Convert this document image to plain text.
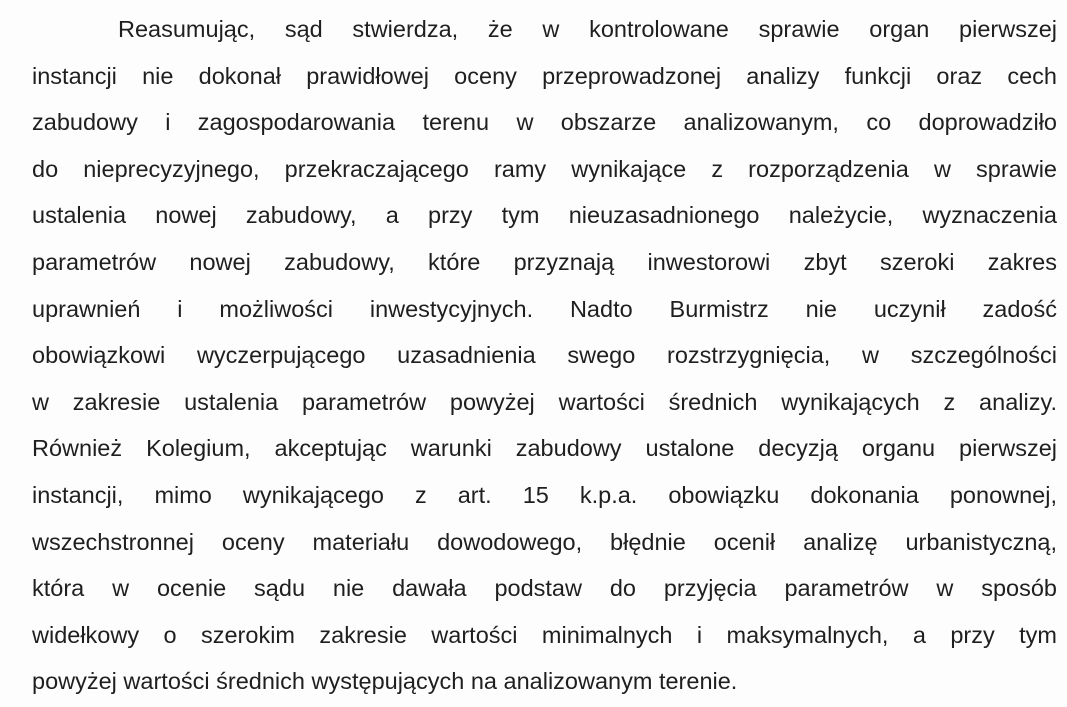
Reasumując, sąd stwierdza, że w kontrolowane sprawie organ pierwszej
instancji nie dokonał prawidłowej oceny przeprowadzonej analizy funkcji oraz cech
zabudowy i zagospodarowania terenu w obszarze analizowanym, co doprowadziło
do nieprecyzyjnego, przekraczającego ramy wynikające z rozporządzenia w sprawie
ustalenia nowej zabudowy, a przy tym nieuzasadnionego należycie, wyznaczenia
parametrów nowej zabudowy, które przyznają inwestorowi zbyt szeroki zakres
uprawnień i możliwości inwestycyjnych. Nadto Burmistrz nie uczynił zadość
obowiązkowi wyczerpującego uzasadnienia swego rozstrzygnięcia, w szczególności
w zakresie ustalenia parametrów powyżej wartości średnich wynikających z analizy.
Również Kolegium, akceptując warunki zabudowy ustalone decyzją organu pierwszej
instancji, mimo wynikającego z art. 15 k.p.a. obowiązku dokonania ponownej,
wszechstronnej oceny materiału dowodowego, błędnie ocenił analizę urbanistyczną,
która w ocenie sądu nie dawała podstaw do przyjęcia parametrów w sposób
widełkowy o szerokim zakresie wartości minimalnych i maksymalnych, a przy tym
powyżej wartości średnich występujących na analizowanym terenie.
